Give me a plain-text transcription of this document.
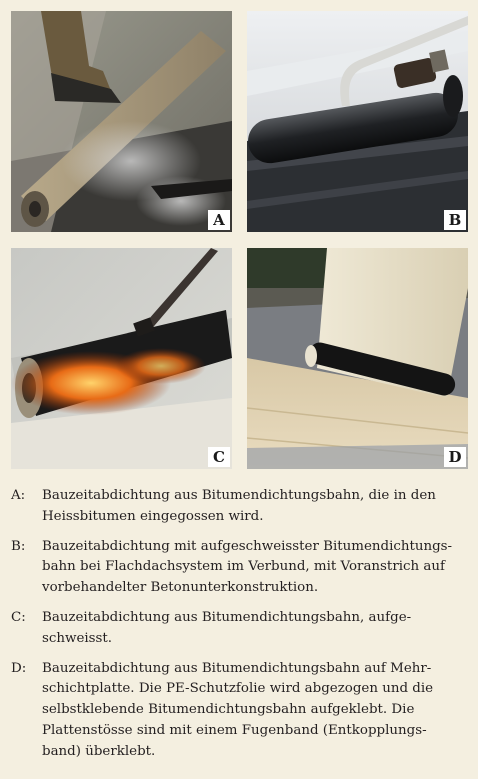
A	B
C	D
A:	Bauzeitabdichtung aus Bitumendichtungsbahn, die in den
Heissbitumen eingegossen wird.
B:	Bauzeitabdichtung mit aufgeschweisster Bitumendichtungs-
bahn bei Flachdachsystem im Verbund, mit Voranstrich auf
vorbehandelter Betonunterkonstruktion.
C:	Bauzeitabdichtung aus Bitumendichtungsbahn, aufge-
schweisst.
D:	Bauzeitabdichtung aus Bitumendichtungsbahn auf Mehr-
schichtplatte. Die PE-Schutzfolie wird abgezogen und die
selbstklebende Bitumendichtungsbahn aufgeklebt. Die
Plattenstösse sind mit einem Fugenband (Entkopplungs-
band) überklebt.
